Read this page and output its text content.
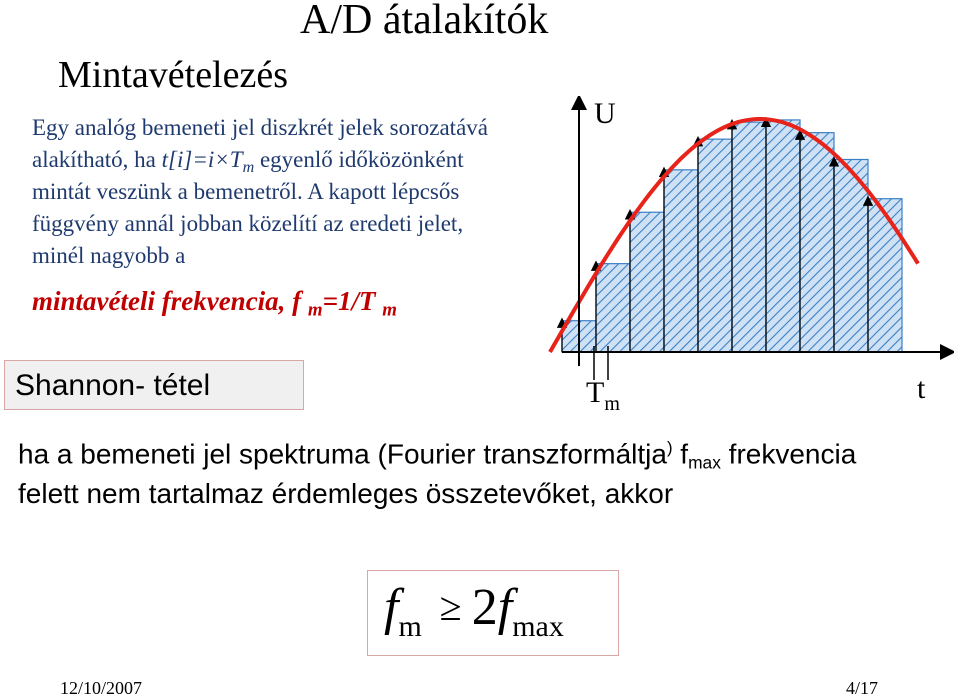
A/D átalakítók
Mintavételezés
Egy analóg bemeneti jel diszkrét jelek sorozatává
alakítható, ha $t[i]=i\times T_m$ egyenlő időközönként
mintát veszünk a bemenetről. A kapott lépcsős
függvény annál jobban közelítí az eredeti jelet,
minél nagyobb a
mintavételi frekvencia, f $_m$=1/T $_m$
Shannon- tétel
U
t
$T_m$
ha a bemeneti jel spektruma (Fourier transzformáltja) $f_{max}$ frekvencia
felett nem tartalmaz érdemleges összetevőket, akkor
$f_m \ge 2f_{max}$
12/10/2007	4/17
